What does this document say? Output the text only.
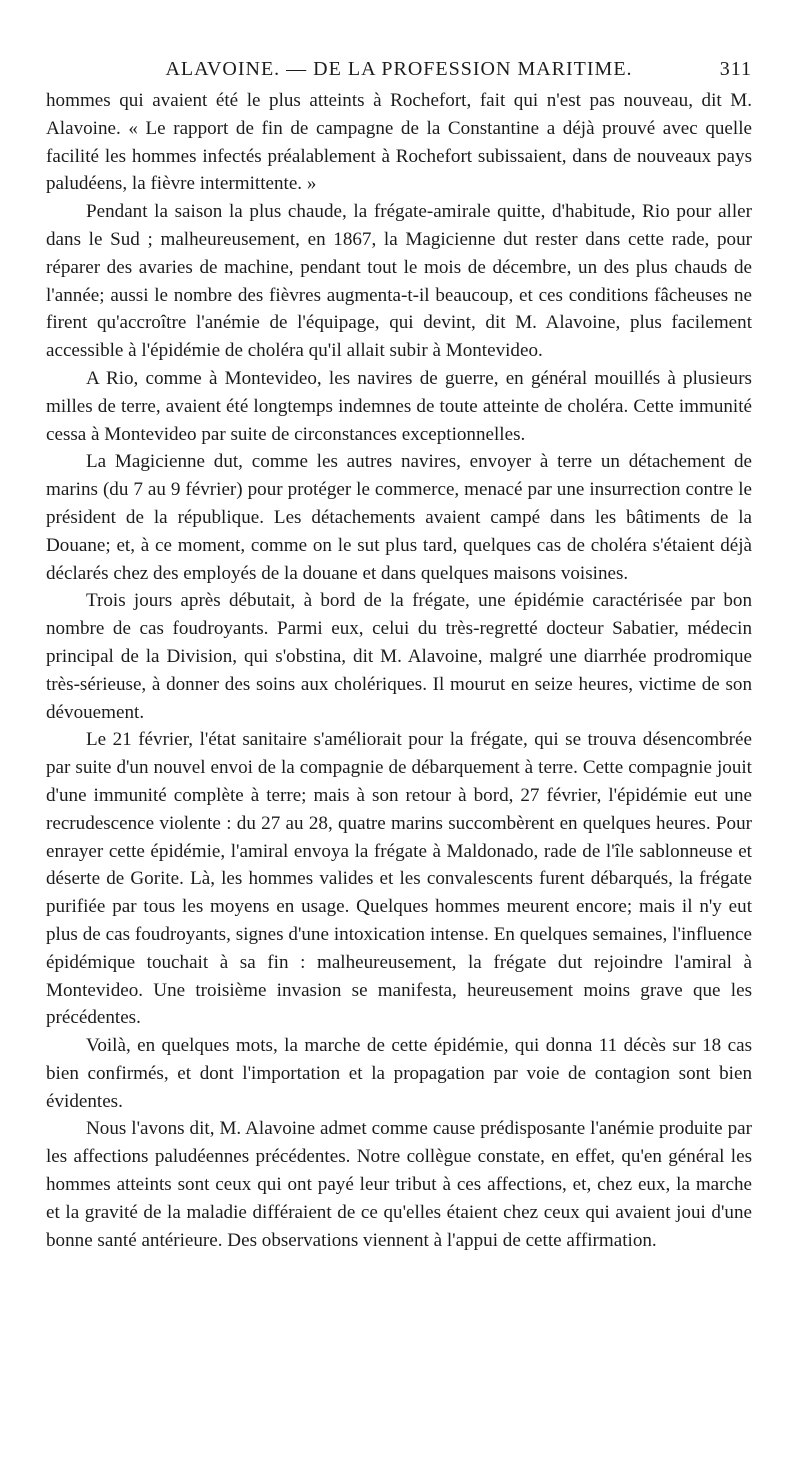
ALAVOINE. — DE LA PROFESSION MARITIME.	311

hommes qui avaient été le plus atteints à Rochefort, fait qui n'est pas nouveau, dit M. Alavoine. « Le rapport de fin de campagne de la Constantine a déjà prouvé avec quelle facilité les hommes infectés préalablement à Rochefort subissaient, dans de nouveaux pays paludéens, la fièvre intermittente. »

Pendant la saison la plus chaude, la frégate-amirale quitte, d'habitude, Rio pour aller dans le Sud ; malheureusement, en 1867, la Magicienne dut rester dans cette rade, pour réparer des avaries de machine, pendant tout le mois de décembre, un des plus chauds de l'année; aussi le nombre des fièvres augmenta-t-il beaucoup, et ces conditions fâcheuses ne firent qu'accroître l'anémie de l'équipage, qui devint, dit M. Alavoine, plus facilement accessible à l'épidémie de choléra qu'il allait subir à Montevideo.

A Rio, comme à Montevideo, les navires de guerre, en général mouillés à plusieurs milles de terre, avaient été longtemps indemnes de toute atteinte de choléra. Cette immunité cessa à Montevideo par suite de circonstances exceptionnelles.

La Magicienne dut, comme les autres navires, envoyer à terre un détachement de marins (du 7 au 9 février) pour protéger le commerce, menacé par une insurrection contre le président de la république. Les détachements avaient campé dans les bâtiments de la Douane; et, à ce moment, comme on le sut plus tard, quelques cas de choléra s'étaient déjà déclarés chez des employés de la douane et dans quelques maisons voisines.

Trois jours après débutait, à bord de la frégate, une épidémie caractérisée par bon nombre de cas foudroyants. Parmi eux, celui du très-regretté docteur Sabatier, médecin principal de la Division, qui s'obstina, dit M. Alavoine, malgré une diarrhée prodromique très-sérieuse, à donner des soins aux cholériques. Il mourut en seize heures, victime de son dévouement.

Le 21 février, l'état sanitaire s'améliorait pour la frégate, qui se trouva désencombrée par suite d'un nouvel envoi de la compagnie de débarquement à terre. Cette compagnie jouit d'une immunité complète à terre; mais à son retour à bord, 27 février, l'épidémie eut une recrudescence violente : du 27 au 28, quatre marins succombèrent en quelques heures. Pour enrayer cette épidémie, l'amiral envoya la frégate à Maldonado, rade de l'île sablonneuse et déserte de Gorite. Là, les hommes valides et les convalescents furent débarqués, la frégate purifiée par tous les moyens en usage. Quelques hommes meurent encore; mais il n'y eut plus de cas foudroyants, signes d'une intoxication intense. En quelques semaines, l'influence épidémique touchait à sa fin : malheureusement, la frégate dut rejoindre l'amiral à Montevideo. Une troisième invasion se manifesta, heureusement moins grave que les précédentes.

Voilà, en quelques mots, la marche de cette épidémie, qui donna 11 décès sur 18 cas bien confirmés, et dont l'importation et la propagation par voie de contagion sont bien évidentes.

Nous l'avons dit, M. Alavoine admet comme cause prédisposante l'anémie produite par les affections paludéennes précédentes. Notre collègue constate, en effet, qu'en général les hommes atteints sont ceux qui ont payé leur tribut à ces affections, et, chez eux, la marche et la gravité de la maladie différaient de ce qu'elles étaient chez ceux qui avaient joui d'une bonne santé antérieure. Des observations viennent à l'appui de cette affirmation.
